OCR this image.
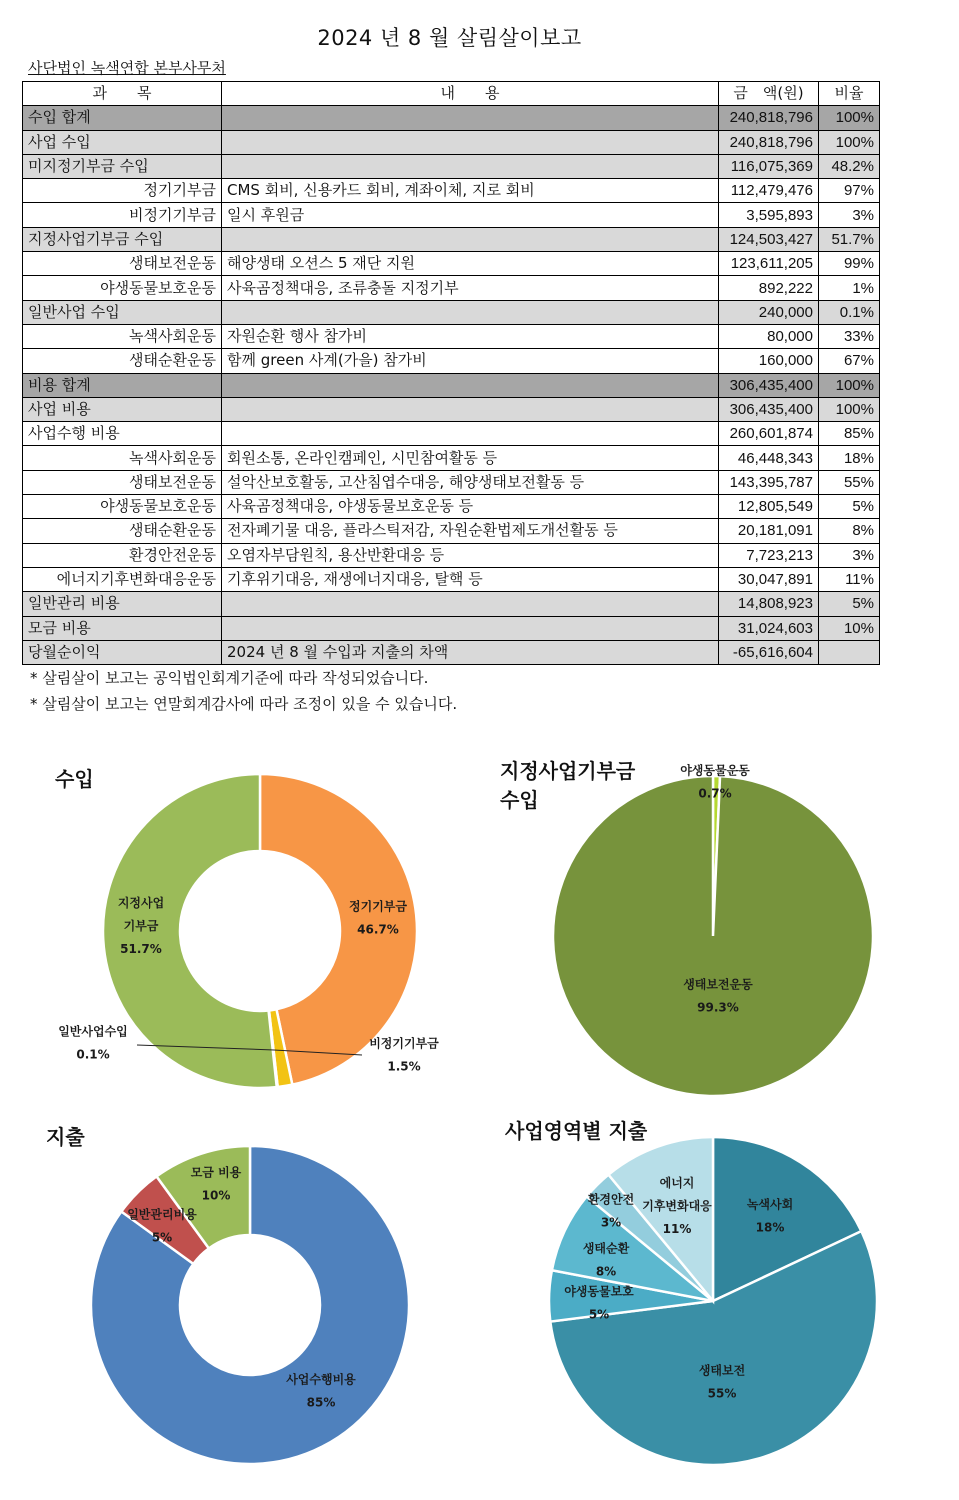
2024 년 8 월 살림살이보고
사단법인 녹색연합 본부사무처
과　　목	내　　용	금　액(원)	비율
수입 합계		240,818,796	100%
사업 수입		240,818,796	100%
미지정기부금 수입		116,075,369	48.2%
정기기부금	CMS 회비, 신용카드 회비, 계좌이체, 지로 회비	112,479,476	97%
비정기기부금	일시 후원금	3,595,893	3%
지정사업기부금 수입		124,503,427	51.7%
생태보전운동	해양생태 오션스 5 재단 지원	123,611,205	99%
야생동물보호운동	사육곰정책대응, 조류충돌 지정기부	892,222	1%
일반사업 수입		240,000	0.1%
녹색사회운동	자원순환 행사 참가비	80,000	33%
생태순환운동	함께 green 사계(가을) 참가비	160,000	67%
비용 합계		306,435,400	100%
사업 비용		306,435,400	100%
사업수행 비용		260,601,874	85%
녹색사회운동	회원소통, 온라인캠페인, 시민참여활동 등	46,448,343	18%
생태보전운동	설악산보호활동, 고산침엽수대응, 해양생태보전활동 등	143,395,787	55%
야생동물보호운동	사육곰정책대응, 야생동물보호운동 등	12,805,549	5%
생태순환운동	전자폐기물 대응, 플라스틱저감, 자원순환법제도개선활동 등	20,181,091	8%
환경안전운동	오염자부담원칙, 용산반환대응 등	7,723,213	3%
에너지기후변화대응운동	기후위기대응, 재생에너지대응, 탈핵 등	30,047,891	11%
일반관리 비용		14,808,923	5%
모금 비용		31,024,603	10%
당월순이익	2024 년 8 월 수입과 지출의 차액	-65,616,604	
* 살림살이 보고는 공익법인회계기준에 따라 작성되었습니다.
* 살림살이 보고는 연말회계감사에 따라 조정이 있을 수 있습니다.
수입	지정사업기부금
수입
지출	사업영역별 지출
정기기부금
46.7%
비정기기부금
1.5%
일반사업수입
0.1%
지정사업
기부금
51.7%
야생동물운동
0.7%
생태보전운동
99.3%
사업수행비용
85%
일반관리비용
5%
모금 비용
10%
녹색사회
18%
생태보전
55%
야생동물보호
5%
생태순환
8%
환경안전
3%
에너지
기후변화대응
11%
